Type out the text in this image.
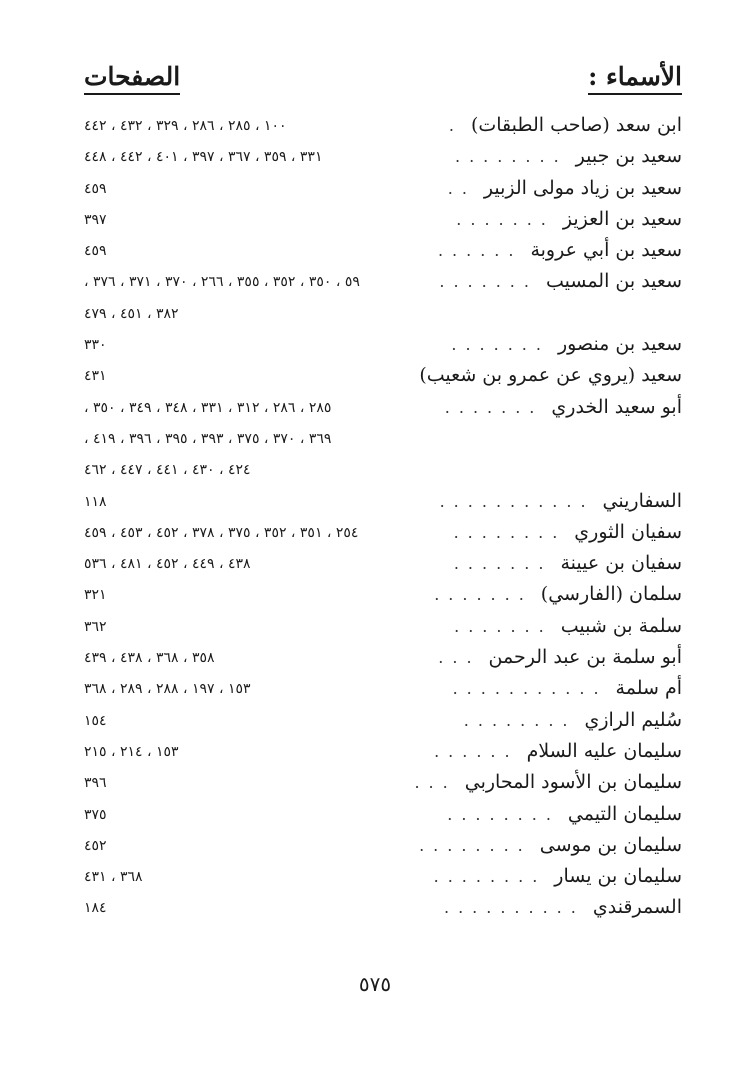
الأسماء :
الصفحات
ابن سعد (صاحب الطبقات)
.
١٠٠ ، ٢٨٥ ، ٢٨٦ ، ٣٢٩ ، ٤٣٢ ، ٤٤٢
سعيد بن جبير
........
٣٣١ ، ٣٥٩ ، ٣٦٧ ، ٣٩٧ ، ٤٠١ ، ٤٤٢ ، ٤٤٨
سعيد بن زياد مولى الزبير
..
٤٥٩
سعيد بن العزيز
.......
٣٩٧
سعيد بن أبي عروبة
......
٤٥٩
سعيد بن المسيب
.......
٥٩ ، ٣٥٠ ، ٣٥٢ ، ٣٥٥ ، ٢٦٦ ، ٣٧٠ ، ٣٧١ ، ٣٧٦ ،
٣٨٢ ، ٤٥١ ، ٤٧٩
سعيد بن منصور
.......
٣٣٠
سعيد (يروي عن عمرو بن شعيب)
٤٣١
أبو سعيد الخدري
.......
٢٨٥ ، ٢٨٦ ، ٣١٢ ، ٣٣١ ، ٣٤٨ ، ٣٤٩ ، ٣٥٠ ،
٣٦٩ ، ٣٧٠ ، ٣٧٥ ، ٣٩٣ ، ٣٩٥ ، ٣٩٦ ، ٤١٩ ،
٤٢٤ ، ٤٣٠ ، ٤٤١ ، ٤٤٧ ، ٤٦٢
السفاريني
...........
١١٨
سفيان الثوري
........
٢٥٤ ، ٣٥١ ، ٣٥٢ ، ٣٧٥ ، ٣٧٨ ، ٤٥٢ ، ٤٥٣ ، ٤٥٩
سفيان بن عيينة
.......
٤٣٨ ، ٤٤٩ ، ٤٥٢ ، ٤٨١ ، ٥٣٦
سلمان (الفارسي)
.......
٣٢١
سلمة بن شبيب
.......
٣٦٢
أبو سلمة بن عبد الرحمن
...
٣٥٨ ، ٣٦٨ ، ٤٣٨ ، ٤٣٩
أم سلمة
...........
١٥٣ ، ١٩٧ ، ٢٨٨ ، ٢٨٩ ، ٣٦٨
سُليم الرازي
........
١٥٤
سليمان عليه السلام
......
١٥٣ ، ٢١٤ ، ٢١٥
سليمان بن الأسود المحاربي
...
٣٩٦
سليمان التيمي
........
٣٧٥
سليمان بن موسى
........
٤٥٢
سليمان بن يسار
........
٣٦٨ ، ٤٣١
السمرقندي
..........
١٨٤
٥٧٥
